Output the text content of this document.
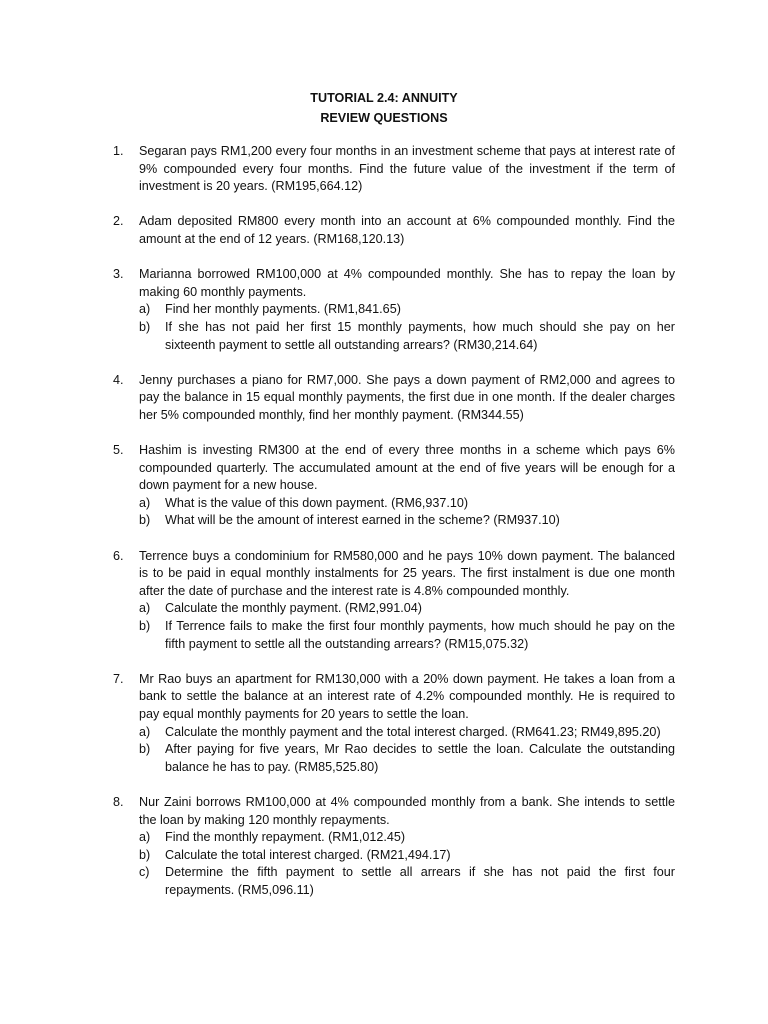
TUTORIAL 2.4: ANNUITY
REVIEW QUESTIONS
1.	Segaran pays RM1,200 every four months in an investment scheme that pays at interest rate of 9% compounded every four months. Find the future value of the investment if the term of investment is 20 years. (RM195,664.12)
2.	Adam deposited RM800 every month into an account at 6% compounded monthly. Find the amount at the end of 12 years. (RM168,120.13)
3.	Marianna borrowed RM100,000 at 4% compounded monthly. She has to repay the loan by making 60 monthly payments.
a)	Find her monthly payments. (RM1,841.65)
b)	If she has not paid her first 15 monthly payments, how much should she pay on her sixteenth payment to settle all outstanding arrears? (RM30,214.64)
4.	Jenny purchases a piano for RM7,000. She pays a down payment of RM2,000 and agrees to pay the balance in 15 equal monthly payments, the first due in one month. If the dealer charges her 5% compounded monthly, find her monthly payment. (RM344.55)
5.	Hashim is investing RM300 at the end of every three months in a scheme which pays 6% compounded quarterly. The accumulated amount at the end of five years will be enough for a down payment for a new house.
a)	What is the value of this down payment. (RM6,937.10)
b)	What will be the amount of interest earned in the scheme? (RM937.10)
6.	Terrence buys a condominium for RM580,000 and he pays 10% down payment. The balanced is to be paid in equal monthly instalments for 25 years. The first instalment is due one month after the date of purchase and the interest rate is 4.8% compounded monthly.
a)	Calculate the monthly payment. (RM2,991.04)
b)	If Terrence fails to make the first four monthly payments, how much should he pay on the fifth payment to settle all the outstanding arrears? (RM15,075.32)
7.	Mr Rao buys an apartment for RM130,000 with a 20% down payment. He takes a loan from a bank to settle the balance at an interest rate of 4.2% compounded monthly. He is required to pay equal monthly payments for 20 years to settle the loan.
a)	Calculate the monthly payment and the total interest charged. (RM641.23; RM49,895.20)
b)	After paying for five years, Mr Rao decides to settle the loan. Calculate the outstanding balance he has to pay. (RM85,525.80)
8.	Nur Zaini borrows RM100,000 at 4% compounded monthly from a bank. She intends to settle the loan by making 120 monthly repayments.
a)	Find the monthly repayment. (RM1,012.45)
b)	Calculate the total interest charged. (RM21,494.17)
c)	Determine the fifth payment to settle all arrears if she has not paid the first four repayments. (RM5,096.11)
